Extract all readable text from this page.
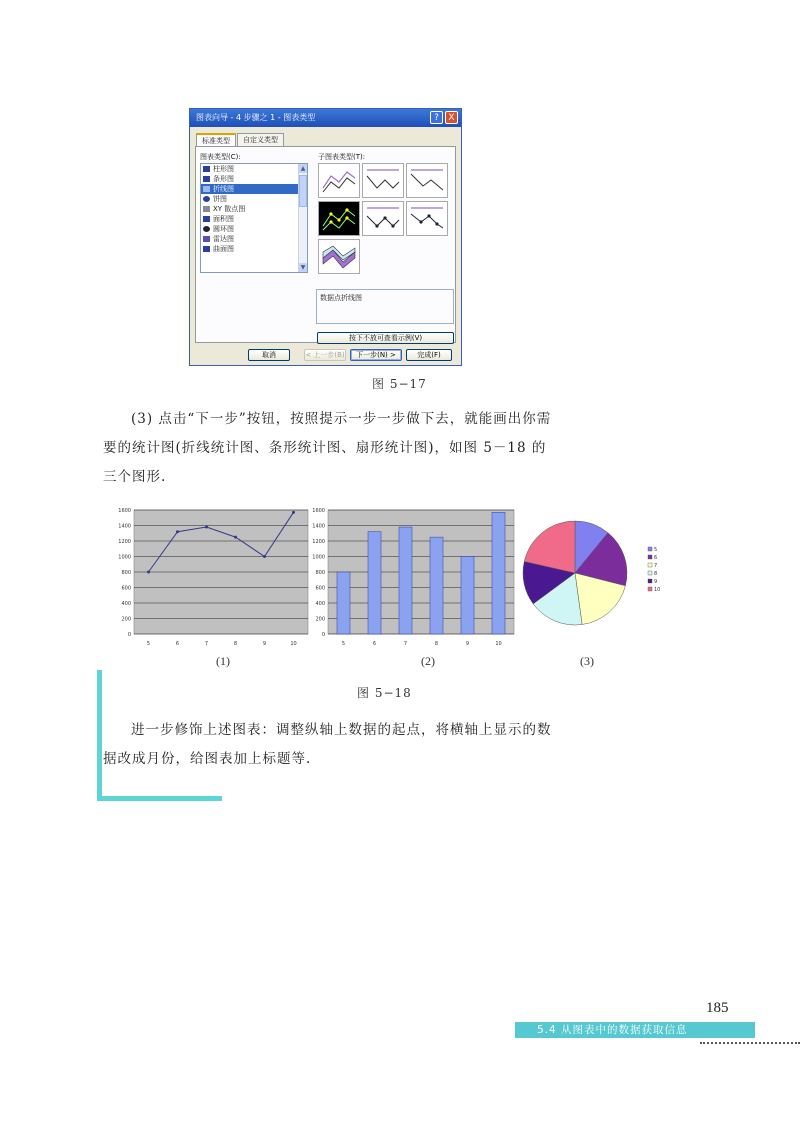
图表向导 - 4 步骤之 1 - 图表类型	?	X
标准类型	自定义类型
图表类型(C):
柱形图
条形图
折线图
饼图
XY 散点图
面积图
圆环图
雷达图
曲面图
▲
▼
子图表类型(T):
数据点折线图
按下不放可查看示例(V)
取消	< 上一步(B)	下一步(N) >	完成(F)
图 5−17

(3) 点击“下一步”按钮，按照提示一步一步做下去，就能画出你需要的统计图(折线统计图、条形统计图、扇形统计图)，如图 5－18 的三个图形.

0
200
400
600
800
1000
1200
1400
1600
5	6	7	8	9	10
0
200
400
600
800
1000
1200
1400
1600
5	6	7	8	9	10
5
6
7
8
9
10
(1)	(2)	(3)
图 5−18

进一步修饰上述图表：调整纵轴上数据的起点，将横轴上显示的数据改成月份，给图表加上标题等.

185
5.4 从图表中的数据获取信息
